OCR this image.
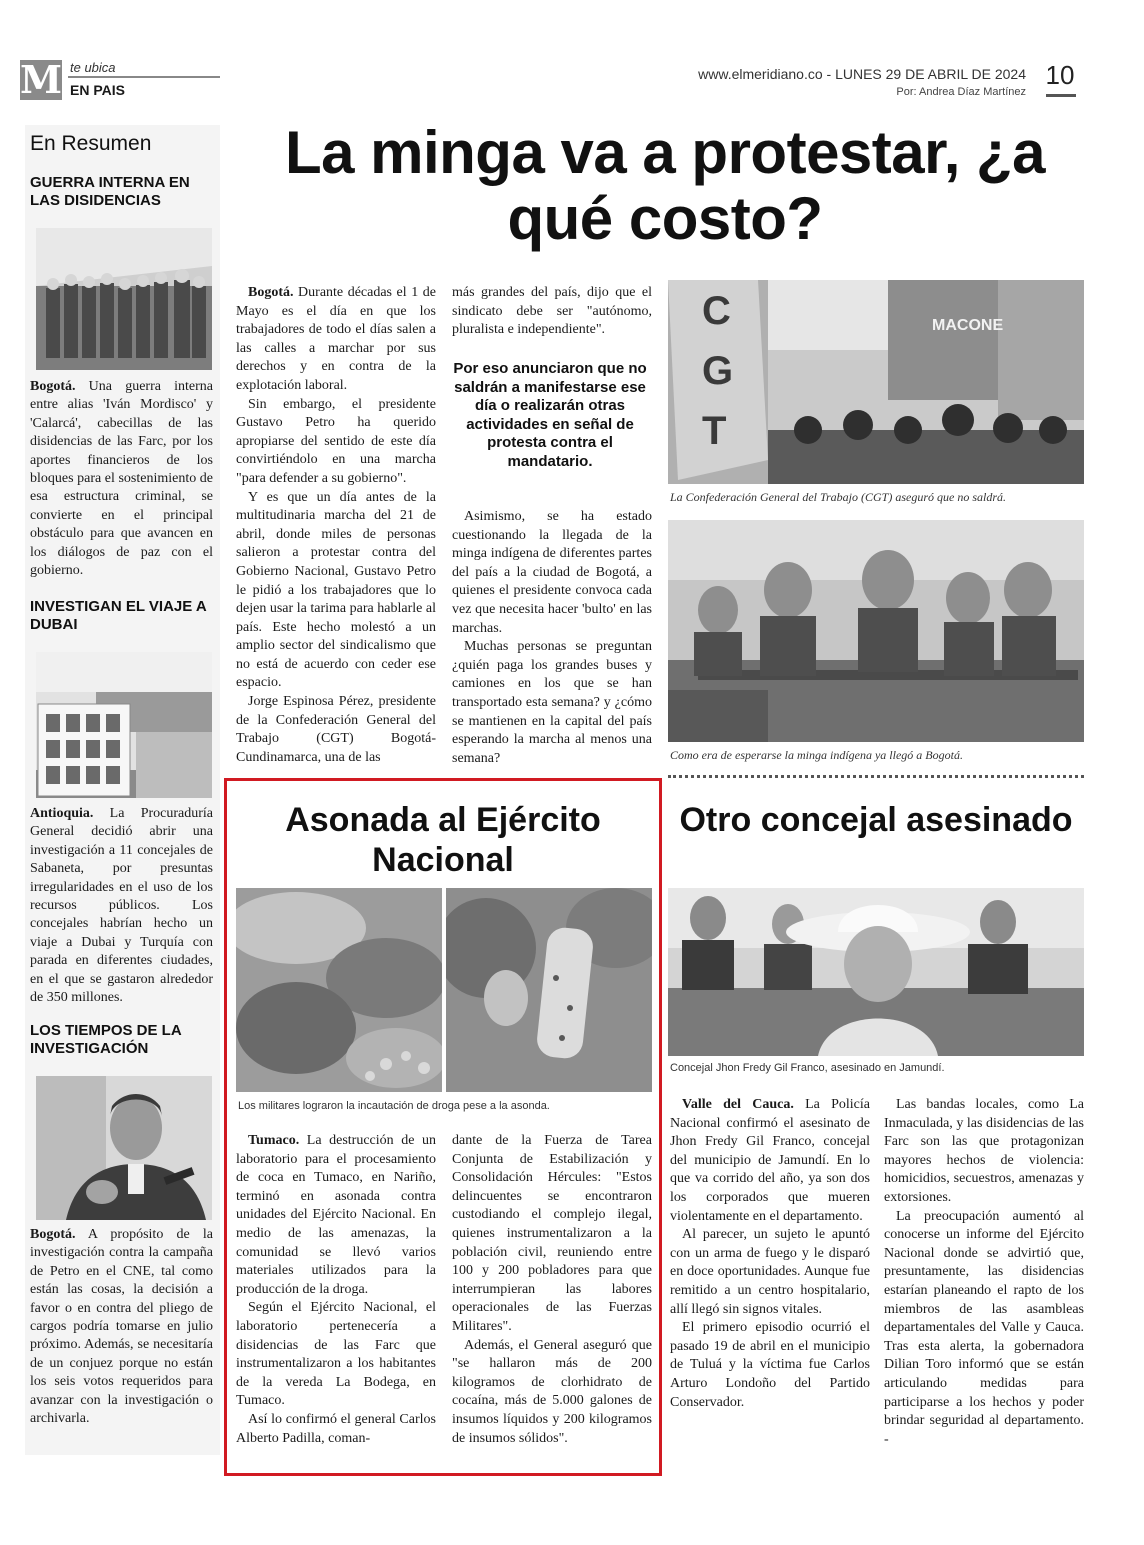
M te ubica
EN PAIS
www.elmeridiano.co - LUNES 29 DE ABRIL DE 2024
Por: Andrea Díaz Martínez
10
En Resumen
GUERRA INTERNA EN LAS DISIDENCIAS
Bogotá. Una guerra interna entre alias 'Iván Mordisco' y 'Calarcá', cabecillas de las disidencias de las Farc, por los aportes financieros de los bloques para el sostenimiento de esa estructura criminal, se convierte en el principal obstáculo para que avancen en los diálogos de paz con el gobierno.
INVESTIGAN EL VIAJE A DUBAI
Antioquia. La Procuraduría General decidió abrir una investigación a 11 concejales de Sabaneta, por presuntas irregularidades en el uso de los recursos públicos. Los concejales habrían hecho un viaje a Dubai y Turquía con parada en diferentes ciudades, en el que se gastaron alrededor de 350 millones.
LOS TIEMPOS DE LA INVESTIGACIÓN
Bogotá. A propósito de la investigación contra la campaña de Petro en el CNE, tal como están las cosas, la decisión a favor o en contra del pliego de cargos podría tomarse en julio próximo. Además, se necesitaría de un conjuez porque no están los seis votos requeridos para avanzar con la investigación o archivarla.
La minga va a protestar, ¿a qué costo?

Bogotá. Durante décadas el 1 de Mayo es el día en que los trabajadores de todo el días salen a las calles a marchar por sus derechos y en contra de la explotación laboral.

Sin embargo, el presidente Gustavo Petro ha querido apropiarse del sentido de este día convirtiéndolo en una marcha "para defender a su gobierno".

Y es que un día antes de la multitudinaria marcha del 21 de abril, donde miles de personas salieron a protestar contra del Gobierno Nacional, Gustavo Petro le pidió a los trabajadores que lo dejen usar la tarima para hablarle al país. Este hecho molestó a un amplio sector del sindicalismo que no está de acuerdo con ceder ese espacio.

Jorge Espinosa Pérez, presidente de la Confederación General del Trabajo (CGT) Bogotá-Cundinamarca, una de las

más grandes del país, dijo que el sindicato debe ser "autónomo, pluralista e independiente".
Por eso anunciaron que no saldrán a manifestarse ese día o realizarán otras actividades en señal de protesta contra el mandatario.

Asimismo, se ha estado cuestionando la llegada de la minga indígena de diferentes partes del país a la ciudad de Bogotá, a quienes el presidente convoca cada vez que necesita hacer 'bulto' en las marchas.

Muchas personas se preguntan ¿quién paga los grandes buses y camiones en los que se han transportado esta semana? y ¿cómo se mantienen en la capital del país esperando la marcha al menos una semana?

C
G
T
MACONE
La Confederación General del Trabajo (CGT) aseguró que no saldrá.
Como era de esperarse la minga indígena ya llegó a Bogotá.
Asonada al Ejército Nacional
Los militares lograron la incautación de droga pese a la asonda.

Tumaco. La destrucción de un laboratorio para el procesamiento de coca en Tumaco, en Nariño, terminó en asonada contra unidades del Ejército Nacional. En medio de las amenazas, la comunidad se llevó varios materiales utilizados para la producción de la droga.

Según el Ejército Nacional, el laboratorio pertenecería a disidencias de las Farc que instrumentalizaron a los habitantes de la vereda La Bodega, en Tumaco.

Así lo confirmó el general Carlos Alberto Padilla, coman-

dante de la Fuerza de Tarea Conjunta de Estabilización y Consolidación Hércules: "Estos delincuentes se encontraron custodiando el complejo ilegal, quienes instrumentalizaron a la población civil, reuniendo entre 100 y 200 pobladores para que interrumpieran las labores operacionales de las Fuerzas Militares".

Además, el General aseguró que "se hallaron más de 200 kilogramos de clorhidrato de cocaína, más de 5.000 galones de insumos líquidos y 200 kilogramos de insumos sólidos".

Otro concejal asesinado
Concejal Jhon Fredy Gil Franco, asesinado en Jamundí.

Valle del Cauca. La Policía Nacional confirmó el asesinato de Jhon Fredy Gil Franco, concejal del municipio de Jamundí. En lo que va corrido del año, ya son dos los corporados que mueren violentamente en el departamento.

Al parecer, un sujeto le apuntó con un arma de fuego y le disparó en doce oportunidades. Aunque fue remitido a un centro hospitalario, allí llegó sin signos vitales.

El primero episodio ocurrió el pasado 19 de abril en el municipio de Tuluá y la víctima fue Carlos Arturo Londoño del Partido Conservador.

Las bandas locales, como La Inmaculada, y las disidencias de las Farc son las que protagonizan mayores hechos de violencia: homicidios, secuestros, amenazas y extorsiones.

La preocupación aumentó al conocerse un informe del Ejército Nacional donde se advirtió que, presuntamente, las disidencias estarían planeando el rapto de los miembros de las asambleas departamentales del Valle y Cauca. Tras esta alerta, la gobernadora Dilian Toro informó que se están articulando medidas para participarse a los hechos y poder brindar seguridad al departamento. -
